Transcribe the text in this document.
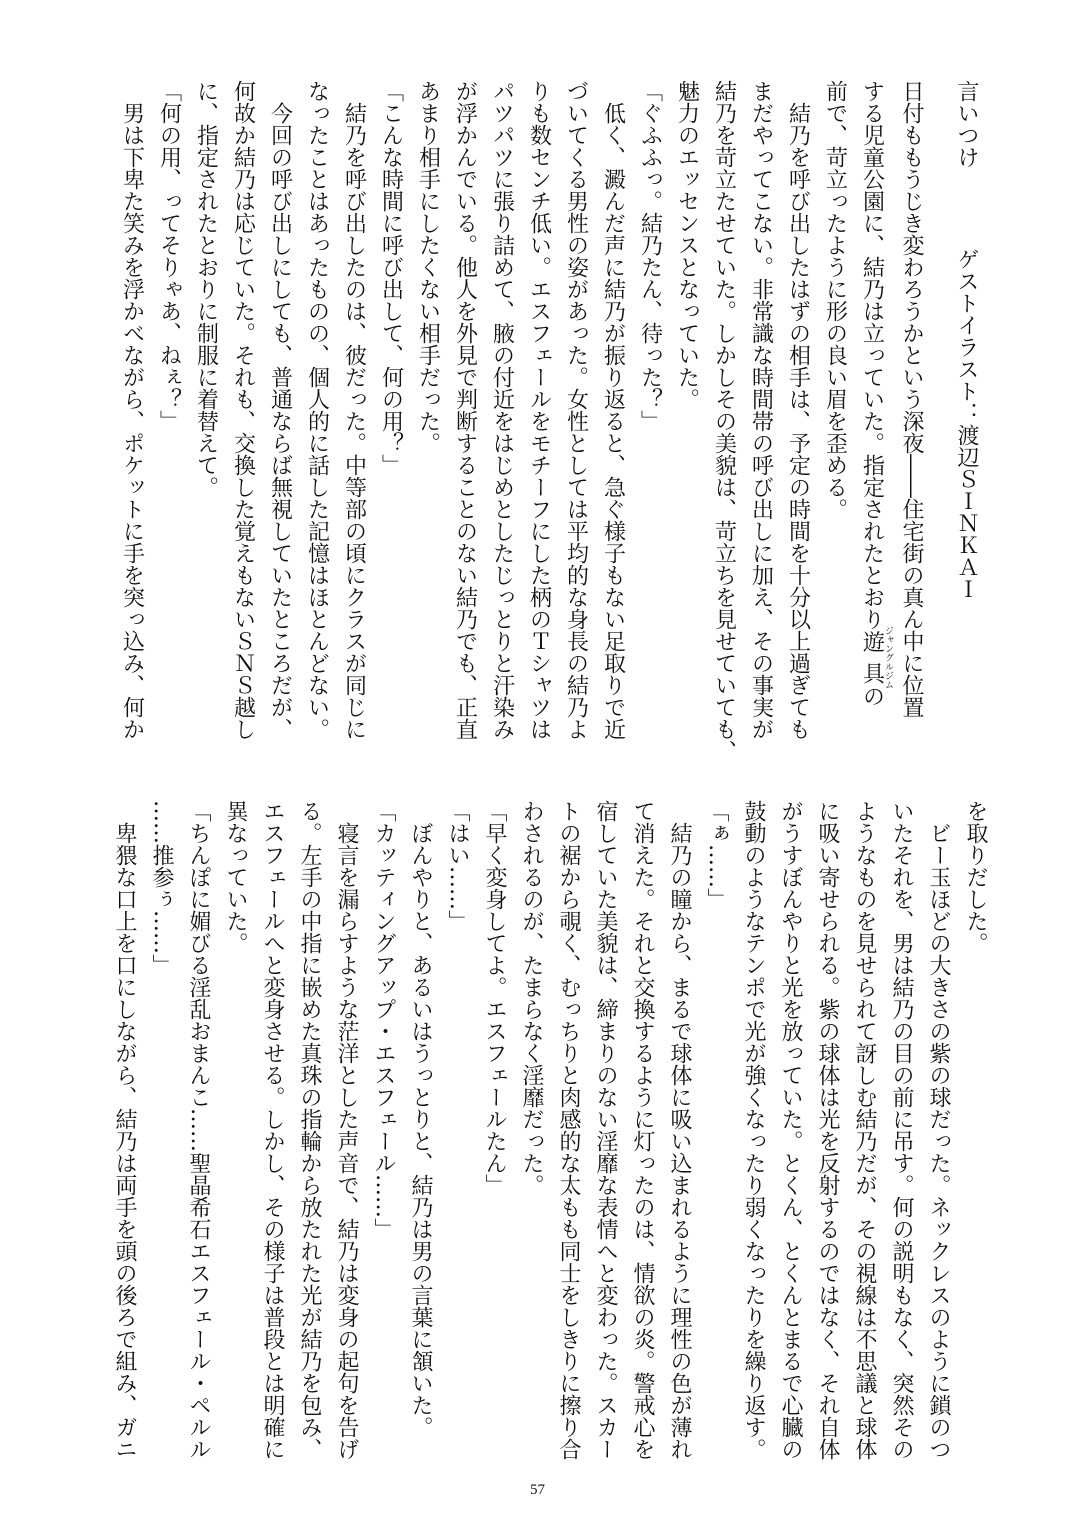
言いつけゲストイラスト：渡辺ＳＩＮＫＡＩ
日付ももうじき変わろうかという深夜――住宅街の真ん中に位置
する児童公園に、結乃は立っていた。指定されたとおり遊具ジャングルジムの
前で、苛立ったように形の良い眉を歪める。
　結乃を呼び出したはずの相手は、予定の時間を十分以上過ぎても
まだやってこない。非常識な時間帯の呼び出しに加え、その事実が
結乃を苛立たせていた。しかしその美貌は、苛立ちを見せていても、
魅力のエッセンスとなっていた。
「ぐふふっ。結乃たん、待った？」
　低く、澱んだ声に結乃が振り返ると、急ぐ様子もない足取りで近
づいてくる男性の姿があった。女性としては平均的な身長の結乃よ
りも数センチ低い。エスフェールをモチーフにした柄のＴシャツは
パツパツに張り詰めて、腋の付近をはじめとしたじっとりと汗染み
が浮かんでいる。他人を外見で判断することのない結乃でも、正直
あまり相手にしたくない相手だった。
「こんな時間に呼び出して、何の用？」
　結乃を呼び出したのは、彼だった。中等部の頃にクラスが同じに
なったことはあったものの、個人的に話した記憶はほとんどない。
　今回の呼び出しにしても、普通ならば無視していたところだが、
何故か結乃は応じていた。それも、交換した覚えもないＳＮＳ越し
に、指定されたとおりに制服に着替えて。
「何の用、ってそりゃあ、ねぇ？」
　男は下卑た笑みを浮かべながら、ポケットに手を突っ込み、何か
を取りだした。
　ビー玉ほどの大きさの紫の球だった。ネックレスのように鎖のつ
いたそれを、男は結乃の目の前に吊す。何の説明もなく、突然その
ようなものを見せられて訝しむ結乃だが、その視線は不思議と球体
に吸い寄せられる。紫の球体は光を反射するのではなく、それ自体
がうすぼんやりと光を放っていた。とくん、とくんとまるで心臓の
鼓動のようなテンポで光が強くなったり弱くなったりを繰り返す。
「ぁ……」
　結乃の瞳から、まるで球体に吸い込まれるように理性の色が薄れ
て消えた。それと交換するように灯ったのは、情欲の炎。警戒心を
宿していた美貌は、締まりのない淫靡な表情へと変わった。スカー
トの裾から覗く、むっちりと肉感的な太もも同士をしきりに擦り合
わされるのが、たまらなく淫靡だった。
「早く変身してよ。エスフェールたん」
「はい……」
　ぼんやりと、あるいはうっとりと、結乃は男の言葉に頷いた。
「カッティングアップ・エスフェール……」
　寝言を漏らすような茫洋とした声音で、結乃は変身の起句を告げ
る。左手の中指に嵌めた真珠の指輪から放たれた光が結乃を包み、
エスフェールへと変身させる。しかし、その様子は普段とは明確に
異なっていた。
「ちんぽに媚びる淫乱おまんこ……聖晶希石エスフェール・ペルル
……推参ぅ……」
　卑猥な口上を口にしながら、結乃は両手を頭の後ろで組み、ガニ
57
